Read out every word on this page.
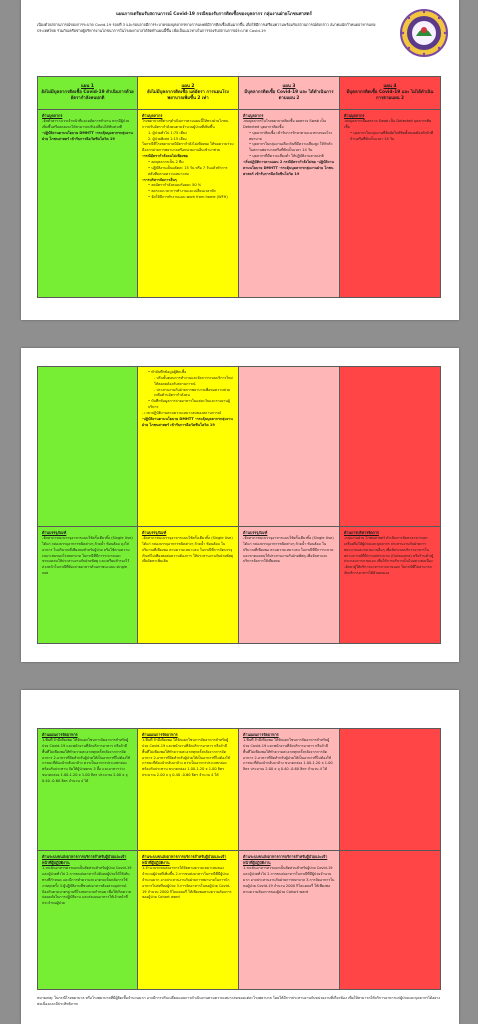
แผนการเตรียมรับสถานการณ์ Covid-19 กรณีของรับการติดเชื้อของบุคลากร กลุ่มงานฝ่ายโภชนศาสตร์
เนื่องด้วยสถานการณ์ของการระบาด Covid-19 รอบที่ 3 และรอบอาจมีการระบาดของบุคลากรทางการแพทย์มีการติดเชื้อเพิ่มมากขึ้น เพื่อให้มีการเตรียมความพร้อมรับสถานการณ์ดังกล่าว สมาคมนักกำหนดอาหารแห่งประเทศไทย ร่วมกับเครือข่ายผู้บริหารงานโภชนาการในโรงพยาบาลได้จัดทำแผนนี้ขึ้น เพื่อเป็นแนวทางในการรองรับสถานการณ์ระบาด Covid-19
แผน 1
ยังไม่มีบุคลากรติดเชื้อ Covid-19 ดำเนินการด้วยอัตรากำลังคนปกติ
ด้านบุคลากร
-จัดทำตารางเวรเจ้าหน้าที่และผลัดการทำงาน หากมีผู้ป่วยเพิ่มขึ้นหรือลดลงจะได้สามารถปรับเปลี่ยนได้ทันท่วงที
-ปฏิบัติงานตามนโยบาย DMHTT -กระตุ้นบุคลากรกลุ่มงานฝ่าย โภชนศาสตร์ เข้ารับการฉีดวัคซีนโควิด 19
แผน 2
ยังไม่มีบุคลากรติดเชื้อ แต่อัตรา การนอนโรงพยาบาลเพิ่มขึ้น 2 เท่า
ด้านบุคลากร
โรงพยาบาลที่ต่างๆดำเนินการตามแผนนี้ให้ทางฝ่ายโภชนการปรับอัตรากำลังคนตามจำนวนผู้ป่วยที่เพิ่มขึ้น
1. ผู้ป่วยทั่วไป 1:75 เตียง
2. ผู้ป่วยพิเศษ 1:15 เตียง
ในกรณีที่โรงพยาบาลมีอัตรากำลังไม่เพียงพอ ให้ขอความร่วมมือจากฝ่ายการพยาบาลหรือหน่วยงานอื่นเข้ามาช่วย
-กรณีอัตรากำลังคนไม่เพียงพอ
• ลดบุคลากรเป็น 2 ทีม
• ปฏิบัติงานเป็นผลัดละ 15 วัน หรือ 7 วันแล้วทำการสลับทีมตามความเหมาะสม
-การบริหารจัดการอื่นๆ
• ลดอัตรากำลังคนลงร้อยละ 50 %
• ลดระยะเวลาการทำงานและเปลี่ยนเวลาพัก
• จัดให้มีการทำงานแบบ work from home (WFH)
แผน 3
มีบุคลากรติดเชื้อ Covid-19 และ ได้ดำเนินการตามแผน 2
ด้านบุคลากร
-พบบุคลากรในโรงพยาบาลติดเชื้อ ผลตรวจ Swab เป็น Detected บุคลากรติดเชื้อ
• บุคลากรติดเชื้อ เข้ารับการรักษาตามแนวทางของโรงพยาบาล
• บุคลากรในกลุ่มงานเดียวกันที่มีความเสี่ยงสูง ให้กักตัวในสถานพยาบาลหรือที่พักเป็นเวลา 14 วัน
• บุคลากรที่มีความเสี่ยงต่ำ ให้ปฏิบัติงานตามปกติ
-เริ่มปฏิบัติการตามแผน 2 กรณีอัตรากำลังไม่พอ -ปฏิบัติงานตามนโยบาย DMHTT -กระตุ้นบุคลากรกลุ่มงานฝ่าย โภชนศาสตร์ เข้ารับการฉีดวัคซีนโควิด 19
แผน 4
มีบุคลากรติดเชื้อ Covid-19 และ ไม่ได้ดำเนินการตามแผน 2
ด้านบุคลากร
-พบบุคลากรมีผลตรวจ Swab เป็น Detected บุคลากรติดเชื้อ
• บุคลากรในกลุ่มงานที่สัมผัสใกล้ชิดทั้งหมดต้องกักตัวที่บ้านหรือที่พักเป็นเวลา 14 วัน
ด้านบรรจุภัณฑ์
-จัดหาภาชนะบรรจุอาหารแบบใช้ครั้งเดียวทิ้ง (Single Use) ได้แก่ กล่องบรรจุอาหารชนิดต่างๆ ถ้วยน้ำ ช้อนส้อม ถุงใส่อาหาร ในปริมาณที่เพียงพอสำหรับผู้ป่วย หรือใช้ตามความเหมาะสมของโรงพยาบาล ในกรณีที่มีการระบาดและขาดแคลนให้ประสานงานกับฝ่ายพัสดุ และเตรียมสำรองไว้ล่วงหน้าในกรณีที่ต้องจ่ายอาหารด้วยภาชนะแบบ single use
• ทำบันทึกข้อมูลผู้ติดเชื้อ
- ปรับขั้นตอนการทำงานและจัดการระบบบริการใหม่ให้สอดคล้องกับสถานการณ์
- ประสานงานกับฝ่ายการพยาบาลเพื่อขอความช่วยเหลือด้านอัตรากำลังคน
• บันทึกข้อมูลการจ่ายอาหารในแต่ละวันและรายงานผู้บริหาร
- เวลาปฏิบัติงานตามความเหมาะสมของสถานการณ์
-ปฏิบัติงานตามนโยบาย DMHTT -กระตุ้นบุคลากรกลุ่มงานฝ่าย โภชนศาสตร์ เข้ารับการฉีดวัคซีนโควิด 19
ด้านบรรจุภัณฑ์
-จัดหาภาชนะบรรจุอาหารแบบใช้ครั้งเดียวทิ้ง (Single Use) ได้แก่ กล่องบรรจุอาหารชนิดต่างๆ ถ้วยน้ำ ช้อนส้อม ในปริมาณที่เพียงพอ ตามความเหมาะสม ในกรณีที่การจัดบรรจุภัณฑ์ไม่เพียงพอต่อความต้องการ ให้ประสานงานกับฝ่ายพัสดุเพื่อจัดหาเพิ่มเติม
ด้านบรรจุภัณฑ์
-จัดหาภาชนะบรรจุอาหารแบบใช้ครั้งเดียวทิ้ง (Single Use) ได้แก่ กล่องบรรจุอาหารชนิดต่างๆ ถ้วยน้ำ ช้อนส้อม ในปริมาณที่เพียงพอ ตามความเหมาะสม ในกรณีที่มีการระบาดและขาดแคลนให้ประสานงานกับฝ่ายพัสดุ เพื่อจัดหาและบริหารจัดการให้เพียงพอ
ด้านการบริหารจัดการ
-กลุ่มงานฝ่าย โภชนศาสตร์ ดำเนินการจัดหาอาหารและเครื่องดื่มให้ผู้ป่วยและบุคลากร ประสานงานกับฝ่ายการพยาบาลและหน่วยงานอื่นๆ เพื่อจัดระบบบริการอาหารในสถานการณ์ที่มีการแพร่ระบาด (Outsource) หรือร้านค้า/ผู้ประกอบการภายนอก เพื่อให้การบริการเป็นไปอย่างต่อเนื่อง -จัดหาผู้ให้บริการอาหารจากภายนอก ในกรณีที่ไม่สามารถจัดบริการอาหารได้ด้วยตนเอง
ด้านแผนการจัดอาหาร
1.พื้นที่ ถ้ามีเพียงพอ ให้จัดแยกโซนการจัดอาหารสำหรับผู้ป่วย Covid-19 และพนักงานที่จัดบริการอาหาร หรือถ้ามีพื้นที่ไม่เพียงพอให้ทำความสะอาดทุกครั้งหลังจากการจัดอาหาร 2.อาหารที่จัดสำหรับผู้ป่วยให้เป็นอาหารที่ไม่ต้องใช้ภาชนะที่ต้องนำกลับมาล้าง ควรเป็นอาหารประเภทกล่องพร้อมรับประทาน จัดให้ผู้ป่วยครบ 3 มื้อ และอาหารว่าง ขนาดกล่อง 1.00-1.20 x 1.00 ลิตร ประมาณ 2.00 x จุ 0.40 -0.60 ลิตร จำนวน 4 ได้
ด้านระบบขนส่งอาหารการบริการสำหรับผู้ป่วยและเจ้าหน้าที่ผู้ปฏิบัติงาน
1.รถเข็นอาหารควรแยกเป็นสัดส่วนสำหรับผู้ป่วย Covid-19 และผู้ป่วยทั่วไป 2.การขนส่งอาหารไปยังหอผู้ป่วยให้ใช้เส้นทางที่กำหนด และมีการทำความสะอาดรถเข็นหลังการใช้งานทุกครั้ง 3.ผู้ปฏิบัติงานที่ขนส่งอาหารต้องสวมอุปกรณ์ป้องกันตามมาตรฐานที่โรงพยาบาลกำหนด เพื่อให้เกิดความปลอดภัยในการปฏิบัติงาน และส่งมอบอาหารให้เจ้าหน้าที่ประจำหอผู้ป่วย
ด้านแผนการจัดอาหาร
1.พื้นที่ ถ้ามีเพียงพอ ให้จัดแยกโซนการจัดอาหารสำหรับผู้ป่วย Covid-19 และพนักงานที่จัดบริการอาหาร หรือถ้ามีพื้นที่ไม่เพียงพอให้ทำความสะอาดทุกครั้งหลังจากการจัดอาหาร 2.อาหารที่จัดสำหรับผู้ป่วยให้เป็นอาหารที่ไม่ต้องใช้ภาชนะที่ต้องนำกลับมาล้าง ควรเป็นอาหารประเภทกล่องพร้อมรับประทาน ขนาดกล่อง 1.00-1.20 x 1.00 ลิตร ประมาณ 2.00 x จุ 0.40 -0.60 ลิตร จำนวน 4 ได้
ด้านระบบขนส่งอาหารการบริการสำหรับผู้ป่วยและเจ้าหน้าที่ผู้ปฏิบัติงาน
1.จำนวนรถขนส่งอาหารให้จัดตามความเหมาะสมของจำนวนผู้ป่วยที่เพิ่มขึ้น 2.การขนส่งอาหารในกรณีที่มีผู้ป่วยจำนวนมาก อาจประสานงานกับฝ่ายการพยาบาลในการนำอาหารไปส่งที่หอผู้ป่วย 3.การจัดอาหารในหอผู้ป่วย Covid-19 จำนวน 2000 กิโลแคลอรี่ ให้เพียงพอตามความต้องการของผู้ป่วย Cohort ward
ด้านแผนการจัดอาหาร
1.พื้นที่ ถ้ามีเพียงพอ ให้จัดแยกโซนการจัดอาหารสำหรับผู้ป่วย Covid-19 และพนักงานที่จัดบริการอาหาร หรือถ้ามีพื้นที่ไม่เพียงพอให้ทำความสะอาดทุกครั้งหลังจากการจัดอาหาร 2.อาหารที่จัดสำหรับผู้ป่วยให้เป็นอาหารที่ไม่ต้องใช้ภาชนะที่ต้องนำกลับมาล้าง ขนาดกล่อง 1.00-1.20 x 1.00 ลิตร ประมาณ 2.00 x จุ 0.40 -0.60 ลิตร จำนวน 4 ได้
ด้านระบบขนส่งอาหารการบริการสำหรับผู้ป่วยและเจ้าหน้าที่ผู้ปฏิบัติงาน
1.รถเข็นอาหารควรแยกเป็นสัดส่วนสำหรับผู้ป่วย Covid-19 และผู้ป่วยทั่วไป 2.การขนส่งอาหารในกรณีที่มีผู้ป่วยจำนวนมาก อาจประสานงานกับฝ่ายการพยาบาล 3.การจัดอาหารในหอผู้ป่วย Covid-19 จำนวน 2000 กิโลแคลอรี่ ให้เพียงพอตามความต้องการของผู้ป่วย Cohort ward
หมายเหตุ: ในกรณีโรงพยาบาล หรือโรงพยาบาลที่มีผู้ติดเชื้อจำนวนมาก อาจมีการปรับเปลี่ยนแผนการดำเนินงานตามความเหมาะสมของแต่ละโรงพยาบาล โดยให้มีการประสานงานกับหน่วยงานที่เกี่ยวข้อง เพื่อให้สามารถให้บริการอาหารแก่ผู้ป่วยและบุคลากรได้อย่างต่อเนื่องและมีประสิทธิภาพ
